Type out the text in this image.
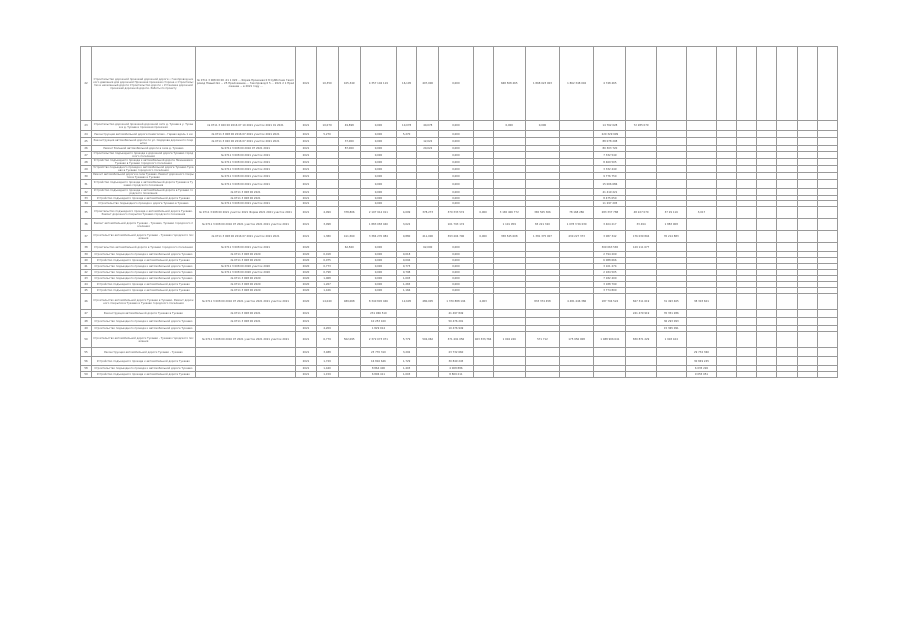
22	Строительство дорожной проезжей дорожной дороги • Газопровод низкого давления для дорожной Проезжая проезжая сторона к Строительство в населенный дороги Строительство дороги • Установка дорожной проезжей дорожной дороги. Работы по проекту	№ 0711 3 008 00 00 -01 1 020 ... Форма Проезжая 0 8 Субботник Газопровод Новый №1 ... 25 Приложение ... Газопровод 0 5 ... 2021 2 1 Приложение ... в 2021 году ...	2021	10,350	105,349	4 357 104 119	16,105	407,000	0,000		668 508 465	1 868 023 003	1 862 348 002	4 748 465									
23	Строительство дорожной проезжей дорожной сети д. Тукаев в у. Тукаев в д. Тукаев и проезжая проезжая	№ 0711 3 020 00 2016 07 10 2021 участок 2021 01 2021	2021	10,079	49,898	0,000	10,078	40,078	0,000		0,000	0,000		14 762 028	72 285 079								
24	Реконструкция автомобильной дороги Семиголово - Гарево вдоль 1 км	№ 0711 3 008 00 2016 07 2021 участок 2021 2021	2021	5,270		0,000	5,270		0,000					220 329 999									
25	Реконструкция автомобильной дороги по ул. Сидорова дорожного покрытия	№ 0711 3 020 00 2016 07 2021 участок 2021 2021	2021		37,000	0,000		12,022	0,000					88 078 208									
26	Ремонт Большой автомобильной дороги в селе д. Тукаево	№ 0711 3 008 00 2016 07 2021 2021	2021		87,000	0,000		20,022	0,000					80 303 720									
27	Строительство подъездного проезда к дорожной дороге Тукаево городского поселения	№ 0711 3 008 00 2021 участок 2021	2021			0,000			0,000					7 332 549									
28	Устройство подъездного проезда к автомобильной дороге Нижнекамск Тукаево в Тукаево городского поселения	№ 0711 3 008 00 2021 участок 2021	2021			0,000			0,000					8 469 505									
29	Устройство подъездного проезда к автомобильной дороге Тукаево Тукаево в Тукаево городского поселения	№ 0711 3 008 00 2021 участок 2021	2021			0,000			0,000					3 332 449									
30	Ремонт автомобильной дороги в селе Тукаево. Ремонт дорожного покрытия в Тукаево и Тукаево	№ 0711 3 008 00 2021 участок 2021	2021			0,000			0,000					9 776 750									
31	Устройство подъездного проезда к автомобильной дороге Тукаево в Тукаево городского поселения	№ 0711 3 008 00 2021 участок 2021	2021			0,000			0,000					15 006 686									
32	Устройство подъездного проезда к автомобильной дороге в Тукаево городского поселения	№ 0711 3 008 00 2021	2021			0,000			0,000					41 419 221									
33	Устройство подъездного проезда к автомобильной дороге Тукаево	№ 0711 3 008 00 2021	2021			0,000			0,000					8 475 050									
34	Строительство подъездного проезда к дороге Тукаево в Тукаево	№ 0711 3 008 00 2021 участок 2021	2021			0,000			0,000					11 297 205									
35	Строительство подъездного проезда к автомобильной дороге Тукаево. Ремонт дорожного покрытия Тукаево городского поселения	№ 0711 3 008 00 2021 участок 2021 Форма 2021 2021 участок 2021	2021	4,099	378,806	2 197 914 011	4,099	378,273	370 333 574	0,000	3 165 406 772	365 505 306	78 168 286	283 337 788	48 227 070	37 29 116	3,017						
36	Ремонт автомобильной дороги Тукаево - Тукаево, Тукаево городского поселения	№ 0711 3 008 00 2016 07 2021 участок 2021 2021 участок 2021	2021	3,098		1 883 083 040	3,022		101 793 174		1 101 959	83 221 320	1 078 3 56 030	3 404 217	33 494	1 883 008							
37	Строительство автомобильной дороги Тукаево - Тукаево городского поселения	№ 0711 3 008 00 2016 07 2021 участок 2021 2021	2021	1,380	411,560	3 384 270 084	0,880	411,000	393 404 706	0,000	358 545 608	1 381 375 007	430 227 373	3 087 342	176 039 804	35 214 883							
38	Строительство автомобильной дороги в Тукаево городского поселения	№ 0711 3 008 00 2021 участок 2021	2020		62,560	0,000		62,000	0,000					309 063 565	129 111 677								
39	Строительство подъездного проезда к автомобильной дороге Тукаево	№ 0711 3 008 00 2020	2020	0,018		0,000	0,018		0,000					2 794 209									
40	Устройство подъездного проезда к автомобильной дороге Тукаево	№ 0711 3 008 00 2020	2020	0,075		0,000	0,094		0,000					6 088 666									
41	Строительство подъездного проезда к автомобильной дороге Тукаево	№ 0711 3 008 00 2020 участок 2020	2020	0,773		0,000	0,773		0,000					3 101 274									
42	Строительство подъездного проезда к автомобильной дороге Тукаево	№ 0711 3 008 00 2020 участок 2020	2020	0,798		0,000	0,798		0,000					2 184 505									
43	Строительство подъездного проезда к автомобильной дороге Тукаево	№ 0711 3 008 00 2020	2020	1,068		0,000	1,003		0,000					7 182 400									
44	Устройство подъездного проезда к автомобильной дороге Тукаево	№ 0711 3 008 00 2020	2020	1,267		0,000	1,265		0,000					3 188 799									
45	Устройство подъездного проезда к автомобильной дороге Тукаево	№ 0711 3 008 00 2020	2020	1,166		0,000	1,166		0,000					3 774 800									
46	Строительство автомобильной дороги Тукаево в Тукаево. Ремонт дорожного покрытия в Тукаево и Тукаево городского поселения	№ 0711 3 008 00 2016 07 2021 участок 2021 2021 участок 2021	2020	14,040	489,068	8 340 845 046	12,695	480,005	1 370 888 194	4,003		833 374 458	4 481 446 386	187 794 524	847 311 619	31 493 465	38 303 601						
47	Реконструкция автомобильной дороги Тукаево в Тукаево	№ 0711 3 008 00 2021	2021			231 966 510			41 497 849						241 479 919	35 351 286							
48	Строительство подъездного проезда к автомобильной дороге Тукаево	№ 0711 3 008 00 2021	2021			10 253 100			50 476 291							36 293 093							
49	Строительство подъездного проезда к автомобильной дороге Тукаево		2021	4,209		1 829 914			10 476 949							15 365 091							
50	Строительство автомобильной дороги Тукаево - Тукаево городского поселения	№ 0711 3 008 00 2016 07 2021 участок 2021 2021 участок 2021	2021	6,779	502,095	2 372 073 071	5,779	502,062	371 491 056	403 333,766	1 004 246	571 712	175 956 008	1 488 906 641	830 871 229	1 918 424							
55	Реконструкция автомобильной дороги Тукаево - Тукаево		2021	3,488		23 770 310	3,292		23 732 660								29 732 360						
56	Устройство подъездного проезда к автомобильной дороге Тукаево		2021	1,729		16 816 646	1,729		30 849 245								30 849 245						
58	Строительство подъездного проезда к автомобильной дороге Тукаево		2021	1,440		8 864 400	1,403		4 008 886								6 035 226						
59	Устройство подъездного проезда к автомобильной дороге Тукаево		2021	1,159		6 806 411	1,003		8 809 211								9 055 051						
